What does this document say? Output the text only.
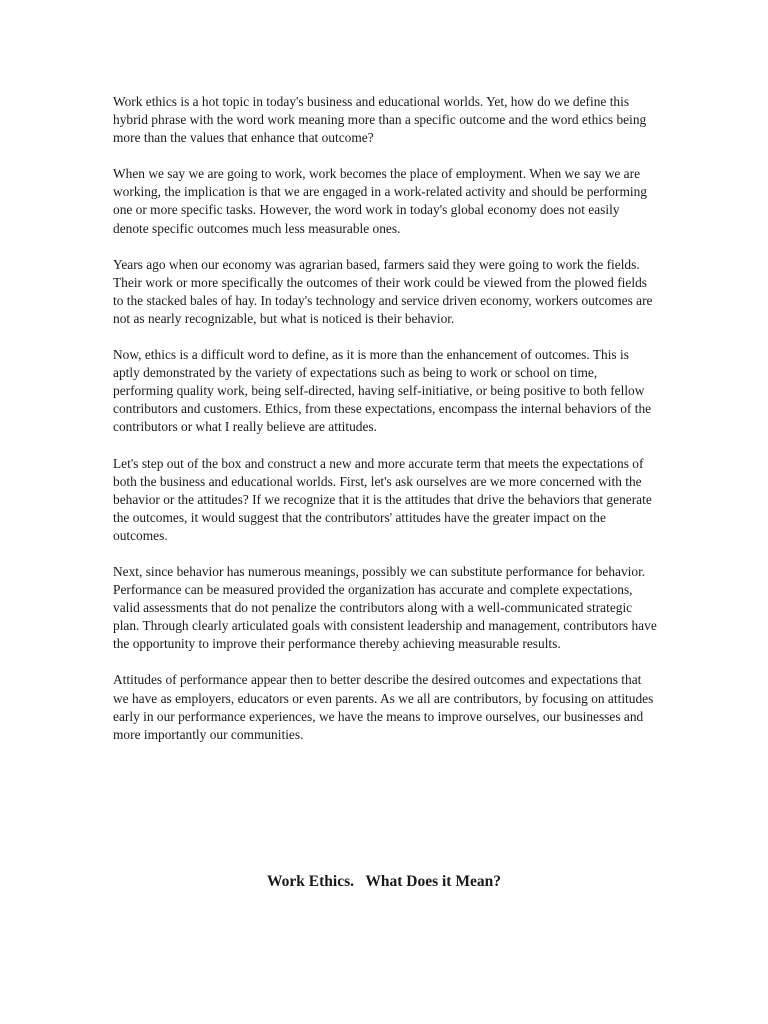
Work ethics is a hot topic in today's business and educational worlds. Yet, how do we define this hybrid phrase with the word work meaning more than a specific outcome and the word ethics being more than the values that enhance that outcome?

When we say we are going to work, work becomes the place of employment. When we say we are working, the implication is that we are engaged in a work-related activity and should be performing one or more specific tasks. However, the word work in today's global economy does not easily denote specific outcomes much less measurable ones.

Years ago when our economy was agrarian based, farmers said they were going to work the fields. Their work or more specifically the outcomes of their work could be viewed from the plowed fields to the stacked bales of hay. In today's technology and service driven economy, workers outcomes are not as nearly recognizable, but what is noticed is their behavior.

Now, ethics is a difficult word to define, as it is more than the enhancement of outcomes. This is aptly demonstrated by the variety of expectations such as being to work or school on time, performing quality work, being self-directed, having self-initiative, or being positive to both fellow contributors and customers. Ethics, from these expectations, encompass the internal behaviors of the contributors or what I really believe are attitudes.

Let's step out of the box and construct a new and more accurate term that meets the expectations of both the business and educational worlds. First, let's ask ourselves are we more concerned with the behavior or the attitudes? If we recognize that it is the attitudes that drive the behaviors that generate the outcomes, it would suggest that the contributors' attitudes have the greater impact on the outcomes.

Next, since behavior has numerous meanings, possibly we can substitute performance for behavior. Performance can be measured provided the organization has accurate and complete expectations, valid assessments that do not penalize the contributors along with a well-communicated strategic plan. Through clearly articulated goals with consistent leadership and management, contributors have the opportunity to improve their performance thereby achieving measurable results.

Attitudes of performance appear then to better describe the desired outcomes and expectations that we have as employers, educators or even parents. As we all are contributors, by focusing on attitudes early in our performance experiences, we have the means to improve ourselves, our businesses and more importantly our communities.

Work Ethics.   What Does it Mean?
